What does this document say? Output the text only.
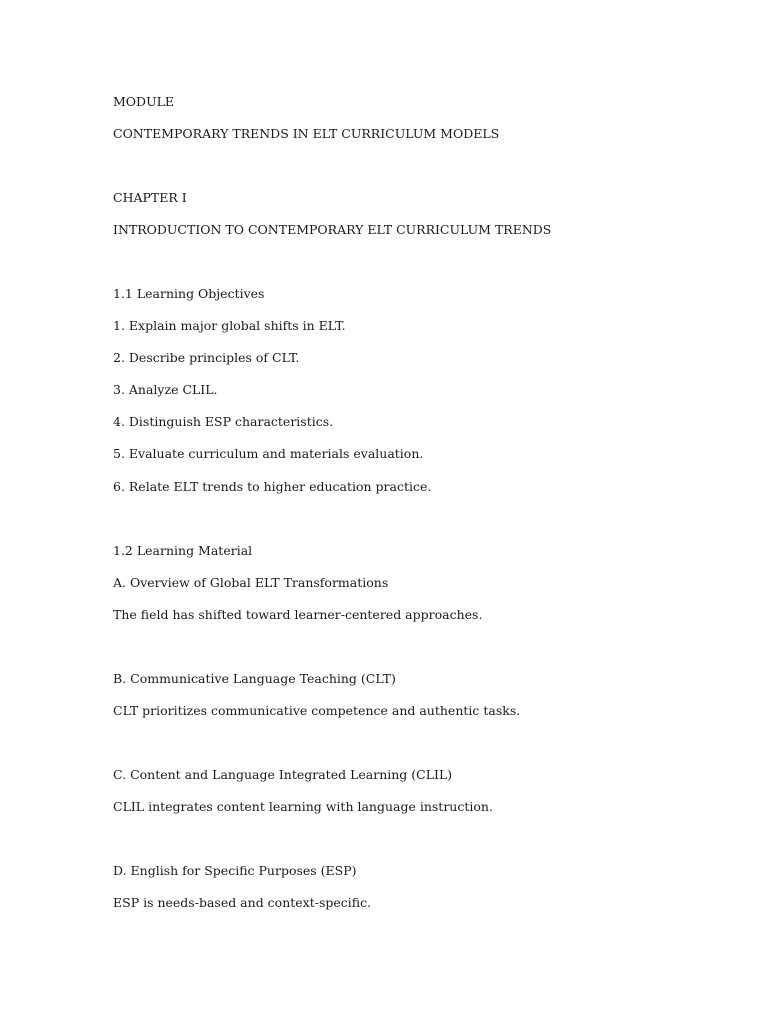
MODULE
CONTEMPORARY TRENDS IN ELT CURRICULUM MODELS
CHAPTER I
INTRODUCTION TO CONTEMPORARY ELT CURRICULUM TRENDS
1.1 Learning Objectives
1. Explain major global shifts in ELT.
2. Describe principles of CLT.
3. Analyze CLIL.
4. Distinguish ESP characteristics.
5. Evaluate curriculum and materials evaluation.
6. Relate ELT trends to higher education practice.
1.2 Learning Material
A. Overview of Global ELT Transformations
The field has shifted toward learner-centered approaches.
B. Communicative Language Teaching (CLT)
CLT prioritizes communicative competence and authentic tasks.
C. Content and Language Integrated Learning (CLIL)
CLIL integrates content learning with language instruction.
D. English for Specific Purposes (ESP)
ESP is needs-based and context-specific.
